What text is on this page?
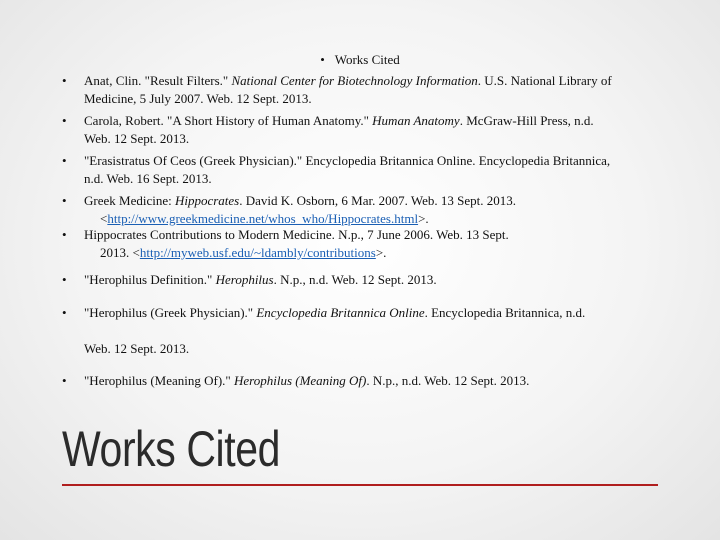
• Works Cited
• Anat, Clin. "Result Filters." National Center for Biotechnology Information. U.S. National Library of
Medicine, 5 July 2007. Web. 12 Sept. 2013.
• Carola, Robert. "A Short History of Human Anatomy." Human Anatomy. McGraw-Hill Press, n.d.
Web. 12 Sept. 2013.
• "Erasistratus Of Ceos (Greek Physician)." Encyclopedia Britannica Online. Encyclopedia Britannica,
n.d. Web. 16 Sept. 2013.
• Greek Medicine: Hippocrates. David K. Osborn, 6 Mar. 2007. Web. 13 Sept. 2013.
<http://www.greekmedicine.net/whos_who/Hippocrates.html>.
• Hippocrates Contributions to Modern Medicine. N.p., 7 June 2006. Web. 13 Sept.
2013. <http://myweb.usf.edu/~ldambly/contributions>.
• "Herophilus Definition." Herophilus. N.p., n.d. Web. 12 Sept. 2013.
• "Herophilus (Greek Physician)." Encyclopedia Britannica Online. Encyclopedia Britannica, n.d.
Web. 12 Sept. 2013.
• "Herophilus (Meaning Of)." Herophilus (Meaning Of). N.p., n.d. Web. 12 Sept. 2013.
Works Cited
